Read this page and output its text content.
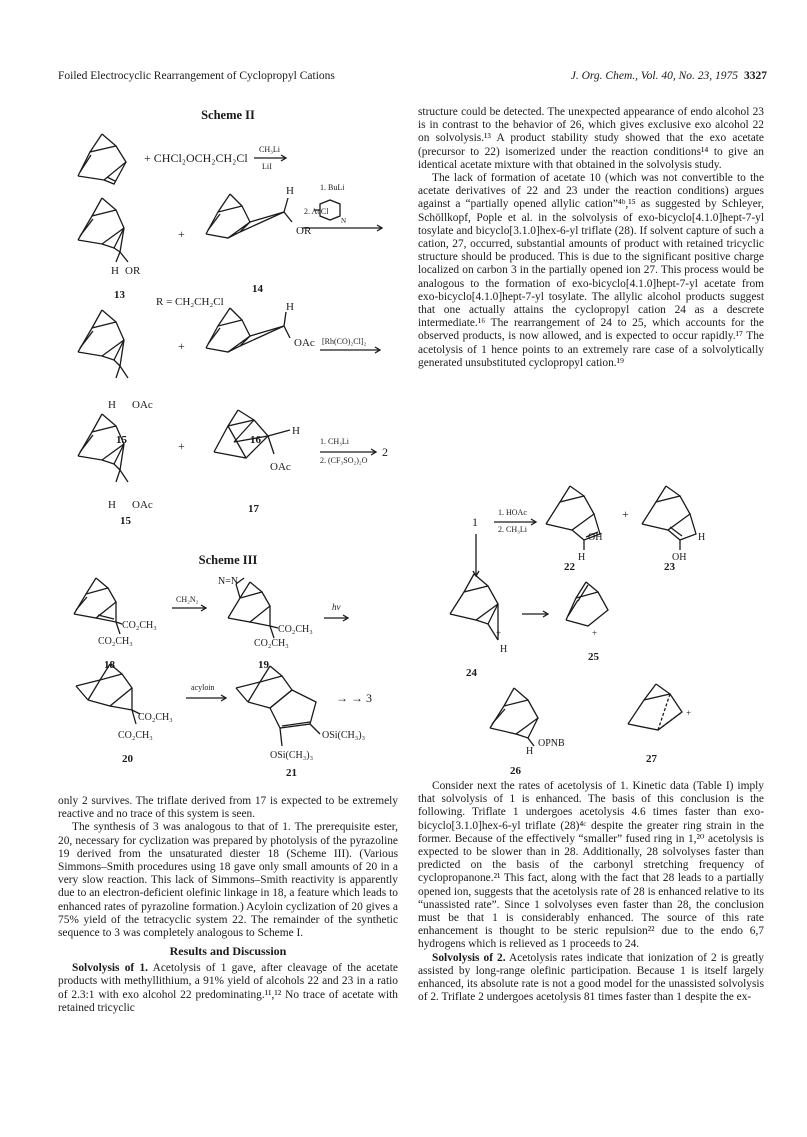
Foiled Electrocyclic Rearrangement of Cyclopropyl Cations	J. Org. Chem., Vol. 40, No. 23, 1975 3327
Scheme II
+ CHCl₂OCH₂CH₂Cl
CH₃Li
LiI
H OR
13
+
H
OR
14
1. BuLi
2. AcCl
N
R = CH₂CH₂Cl
H OAc
+
H
OAc [Rh(CO)₂Cl]₂
+
H
OAc
1. CH₃Li
2. (CF₃SO₂)₂O
2
H OAc
15
17
15	16
Scheme III
CO₂CH₃
CO₂CH₃
18
CH₂N₂
N=N
CO₂CH₃
CO₂CH₃
19
hν
CO₂CH₃
CO₂CH₃
20
acyloin
OSi(CH₃)₃
OSi(CH₃)₃
21
→ → 3

only 2 survives. The triflate derived from 17 is expected to be extremely reactive and no trace of this system is seen.

The synthesis of 3 was analogous to that of 1. The prerequisite ester, 20, necessary for cyclization was prepared by photolysis of the pyrazoline 19 derived from the unsaturated diester 18 (Scheme III). (Various Simmons–Smith procedures using 18 gave only small amounts of 20 in a very slow reaction. This lack of Simmons–Smith reactivity is apparently due to an electron-deficient olefinic linkage in 18, a feature which leads to enhanced rates of pyrazoline formation.) Acyloin cyclization of 20 gives a 75% yield of the tetracyclic system 22. The remainder of the synthetic sequence to 3 was completely analogous to Scheme I.

Results and Discussion

Solvolysis of 1. Acetolysis of 1 gave, after cleavage of the acetate products with methyllithium, a 91% yield of alcohols 22 and 23 in a ratio of 2.3:1 with exo alcohol 22 predominating.¹¹,¹² No trace of acetate with retained tricyclic

structure could be detected. The unexpected appearance of endo alcohol 23 is in contrast to the behavior of 26, which gives exclusive exo alcohol 22 on solvolysis.¹³ A product stability study showed that the exo acetate (precursor to 22) isomerized under the reaction conditions¹⁴ to give an identical acetate mixture with that obtained in the solvolysis study.

The lack of formation of acetate 10 (which was not convertible to the acetate derivatives of 22 and 23 under the reaction conditions) argues against a “partially opened allylic cation”⁴ᵇ,¹⁵ as suggested by Schleyer, Schöllkopf, Pople et al. in the solvolysis of exo-bicyclo[4.1.0]hept-7-yl tosylate and bicyclo[3.1.0]hex-6-yl triflate (28). If solvent capture of such a cation, 27, occurred, substantial amounts of product with retained tricyclic structure should be produced. This is due to the significant positive charge localized on carbon 3 in the partially opened ion 27. This process would be analogous to the formation of exo-bicyclo[4.1.0]hept-7-yl acetate from exo-bicyclo[4.1.0]hept-7-yl tosylate. The allylic alcohol products suggest that one actually attains the cyclopropyl cation 24 as a descrete intermediate.¹⁶ The rearrangement of 24 to 25, which accounts for the observed products, is now allowed, and is expected to occur rapidly.¹⁷ The acetolysis of 1 hence points to an extremely rare case of a solvolytically generated unsubstituted cyclopropyl cation.¹⁹

1
1. HOAc
2. CH₃Li
OH
H
22
+
H
OH
23
H
+
24
+
25
H
OPNB
26
+
27

Consider next the rates of acetolysis of 1. Kinetic data (Table I) imply that solvolysis of 1 is enhanced. The basis of this conclusion is the following. Triflate 1 undergoes acetolysis 4.6 times faster than exo-bicyclo[3.1.0]hex-6-yl triflate (28)⁴ᶜ despite the greater ring strain in the former. Because of the effectively “smaller” fused ring in 1,²⁰ acetolysis is expected to be slower than in 28. Additionally, 28 solvolyses faster than predicted on the basis of the carbonyl stretching frequency of cyclopropanone.²¹ This fact, along with the fact that 28 leads to a partially opened ion, suggests that the acetolysis rate of 28 is enhanced relative to its “unassisted rate”. Since 1 solvolyses even faster than 28, the conclusion must be that 1 is considerably enhanced. The source of this rate enhancement is thought to be steric repulsion²² due to the endo 6,7 hydrogens which is relieved as 1 proceeds to 24.

Solvolysis of 2. Acetolysis rates indicate that ionization of 2 is greatly assisted by long-range olefinic participation. Because 1 is itself largely enhanced, its absolute rate is not a good model for the unassisted solvolysis of 2. Triflate 2 undergoes acetolysis 81 times faster than 1 despite the ex-
